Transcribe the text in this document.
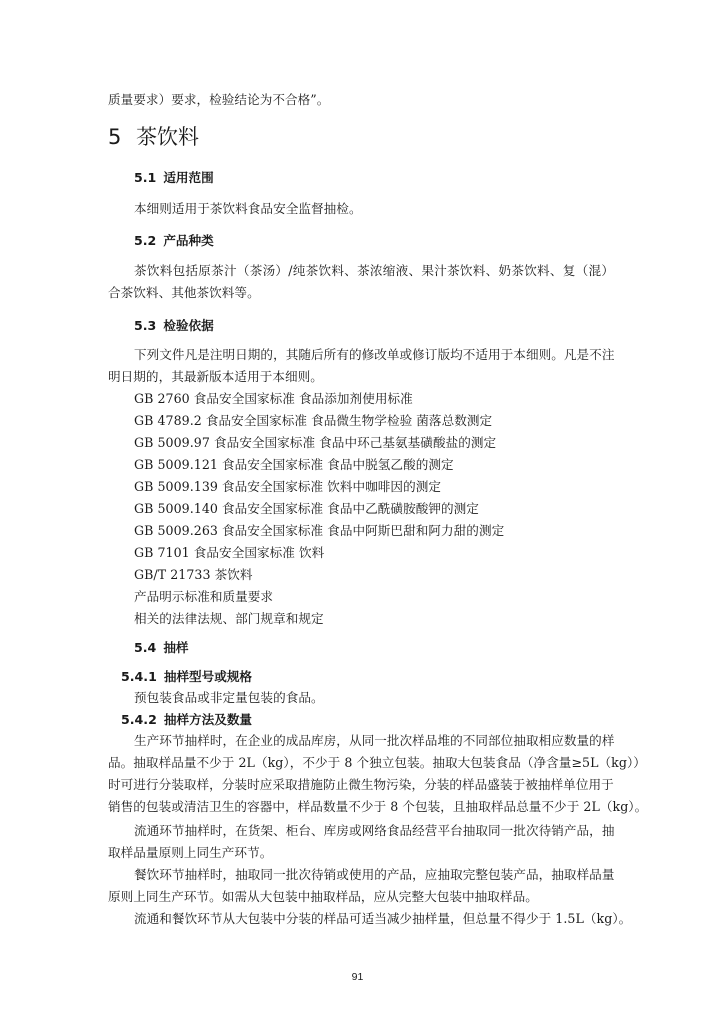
质量要求）要求，检验结论为不合格”。
5 茶饮料
5.1 适用范围
本细则适用于茶饮料食品安全监督抽检。
5.2 产品种类
茶饮料包括原茶汁（茶汤）/纯茶饮料、茶浓缩液、果汁茶饮料、奶茶饮料、复（混）
合茶饮料、其他茶饮料等。
5.3 检验依据
下列文件凡是注明日期的，其随后所有的修改单或修订版均不适用于本细则。凡是不注
明日期的，其最新版本适用于本细则。
GB 2760 食品安全国家标准 食品添加剂使用标准
GB 4789.2 食品安全国家标准 食品微生物学检验 菌落总数测定
GB 5009.97 食品安全国家标准 食品中环己基氨基磺酸盐的测定
GB 5009.121 食品安全国家标准 食品中脱氢乙酸的测定
GB 5009.139 食品安全国家标准 饮料中咖啡因的测定
GB 5009.140 食品安全国家标准 食品中乙酰磺胺酸钾的测定
GB 5009.263 食品安全国家标准 食品中阿斯巴甜和阿力甜的测定
GB 7101 食品安全国家标准 饮料
GB/T 21733 茶饮料
产品明示标准和质量要求
相关的法律法规、部门规章和规定
5.4 抽样
5.4.1 抽样型号或规格
预包装食品或非定量包装的食品。
5.4.2 抽样方法及数量
生产环节抽样时，在企业的成品库房，从同一批次样品堆的不同部位抽取相应数量的样
品。抽取样品量不少于 2L（kg），不少于 8 个独立包装。抽取大包装食品（净含量≥5L（kg））
时可进行分装取样，分装时应采取措施防止微生物污染，分装的样品盛装于被抽样单位用于
销售的包装或清洁卫生的容器中，样品数量不少于 8 个包装，且抽取样品总量不少于 2L（kg）。
流通环节抽样时，在货架、柜台、库房或网络食品经营平台抽取同一批次待销产品，抽
取样品量原则上同生产环节。
餐饮环节抽样时，抽取同一批次待销或使用的产品，应抽取完整包装产品，抽取样品量
原则上同生产环节。如需从大包装中抽取样品，应从完整大包装中抽取样品。
流通和餐饮环节从大包装中分装的样品可适当减少抽样量，但总量不得少于 1.5L（kg）。
91
